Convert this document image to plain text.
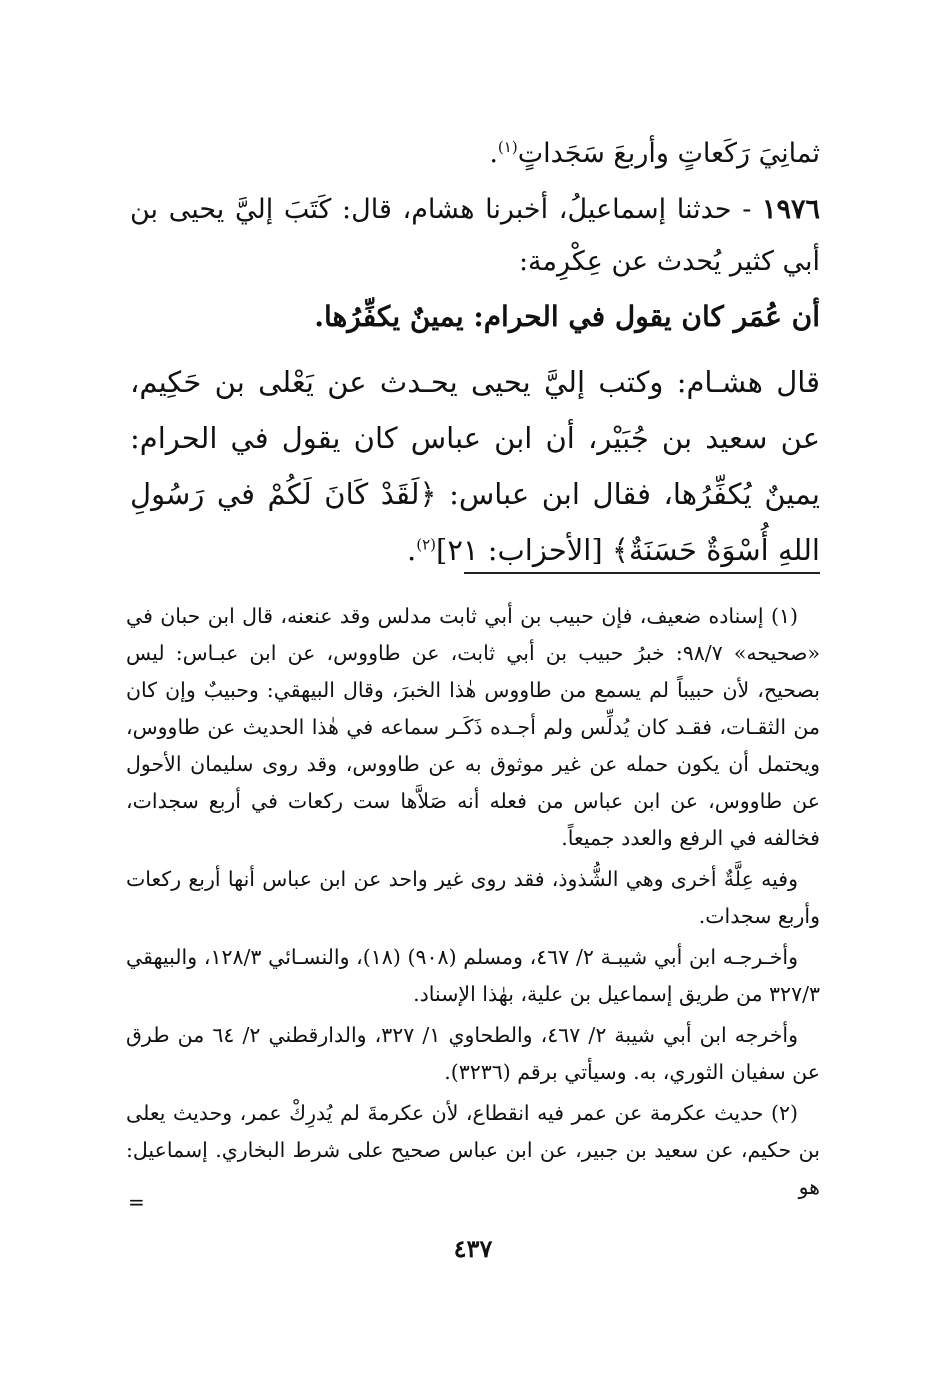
ثمانِيَ رَكَعاتٍ وأربعَ سَجَداتٍ$^{(١)}$.

١٩٧٦ - حدثنا إسماعيلُ، أخبرنا هشام، قال: كَتَبَ إليَّ يحيى بن أبي كثير يُحدث عن عِكْرِمة:

أن عُمَر كان يقول في الحرام: يمينٌ يكفِّرُها.

قال هشـام: وكتب إليَّ يحيى يحـدث عن يَعْلى بن حَكِيم، عن سعيد بن جُبَيْر، أن ابن عباس كان يقول في الحرام: يمينٌ يُكفِّرُها، فقال ابن عباس: ﴿لَقَدْ كَانَ لَكُمْ في رَسُولِ اللهِ أُسْوَةٌ حَسَنَةٌ﴾ [الأحزاب: ٢١]$^{(٢)}$.

(١) إسناده ضعيف، فإن حبيب بن أبي ثابت مدلس وقد عنعنه، قال ابن حبان في «صحيحه» ٩٨/٧: خبرُ حبيب بن أبي ثابت، عن طاووس، عن ابن عبـاس: ليس بصحيح، لأن حبيباً لم يسمع من طاووس هٰذا الخبرَ، وقال البيهقي: وحبيبٌ وإن كان من الثقـات، فقـد كان يُدلِّس ولم أجـده ذَكَـر سماعه في هٰذا الحديث عن طاووس، ويحتمل أن يكون حمله عن غير موثوق به عن طاووس، وقد روى سليمان الأحول عن طاووس، عن ابن عباس من فعله أنه صَلاَّها ست ركعات في أربع سجدات، فخالفه في الرفع والعدد جميعاً.

وفيه عِلَّةٌ أخرى وهي الشُّذوذ، فقد روى غير واحد عن ابن عباس أنها أربع ركعات وأربع سجدات.

وأخـرجـه ابن أبي شيبـة ٢/ ٤٦٧، ومسلم (٩٠٨) (١٨)، والنسـائي ١٢٨/٣، والبيهقي ٣٢٧/٣ من طريق إسماعيل بن علية، بهٰذا الإسناد.

وأخرجه ابن أبي شيبة ٢/ ٤٦٧، والطحاوي ١/ ٣٢٧، والدارقطني ٢/ ٦٤ من طرق عن سفيان الثوري، به. وسيأتي برقم (٣٢٣٦).

(٢) حديث عكرمة عن عمر فيه انقطاع، لأن عكرمةَ لم يُدرِكْ عمر، وحديث يعلى بن حكيم، عن سعيد بن جبير، عن ابن عباس صحيح على شرط البخاري. إسماعيل: هو

=
٤٣٧
